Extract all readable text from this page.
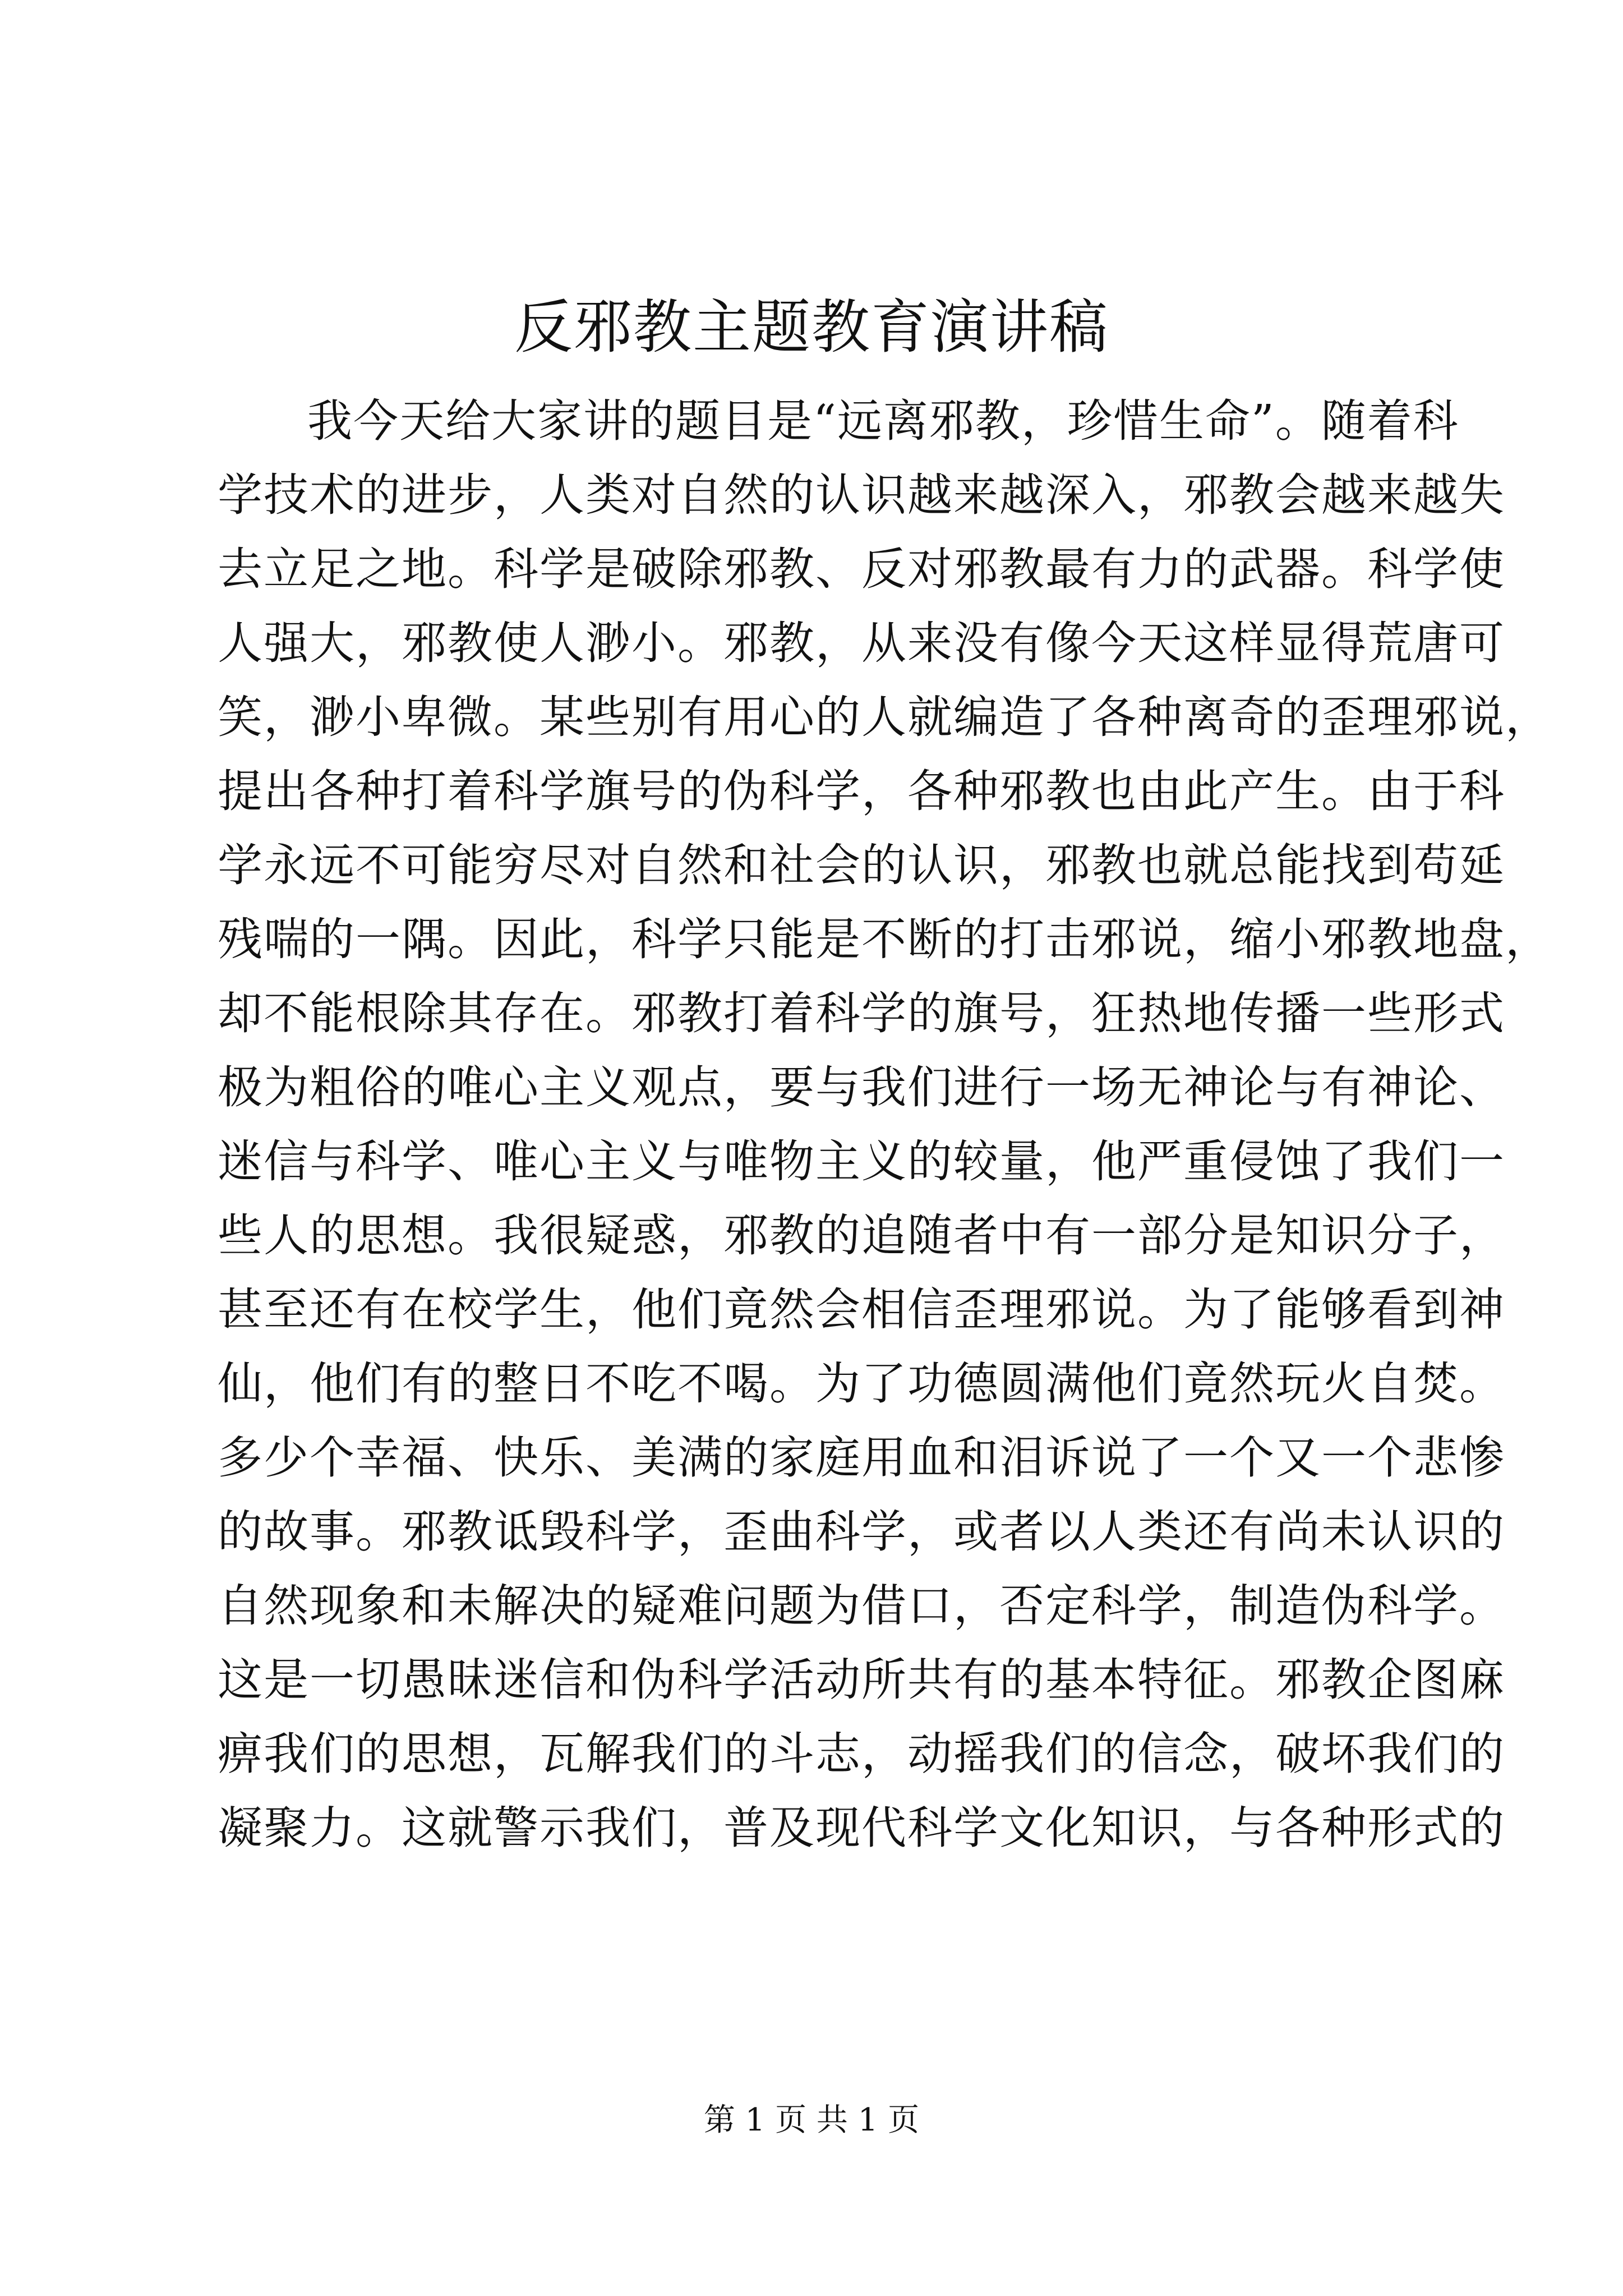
反邪教主题教育演讲稿
我今天给大家讲的题目是“远离邪教，珍惜生命”。随着科
学技术的进步，人类对自然的认识越来越深入，邪教会越来越失
去立足之地。科学是破除邪教、反对邪教最有力的武器。科学使
人强大，邪教使人渺小。邪教，从来没有像今天这样显得荒唐可
笑，渺小卑微。某些别有用心的人就编造了各种离奇的歪理邪说，
提出各种打着科学旗号的伪科学，各种邪教也由此产生。由于科
学永远不可能穷尽对自然和社会的认识，邪教也就总能找到苟延
残喘的一隅。因此，科学只能是不断的打击邪说，缩小邪教地盘，
却不能根除其存在。邪教打着科学的旗号，狂热地传播一些形式
极为粗俗的唯心主义观点，要与我们进行一场无神论与有神论、
迷信与科学、唯心主义与唯物主义的较量，他严重侵蚀了我们一
些人的思想。我很疑惑，邪教的追随者中有一部分是知识分子，
甚至还有在校学生，他们竟然会相信歪理邪说。为了能够看到神
仙，他们有的整日不吃不喝。为了功德圆满他们竟然玩火自焚。
多少个幸福、快乐、美满的家庭用血和泪诉说了一个又一个悲惨
的故事。邪教诋毁科学，歪曲科学，或者以人类还有尚未认识的
自然现象和未解决的疑难问题为借口，否定科学，制造伪科学。
这是一切愚昧迷信和伪科学活动所共有的基本特征。邪教企图麻
痹我们的思想，瓦解我们的斗志，动摇我们的信念，破坏我们的
凝聚力。这就警示我们，普及现代科学文化知识，与各种形式的
第 1 页 共 1 页
